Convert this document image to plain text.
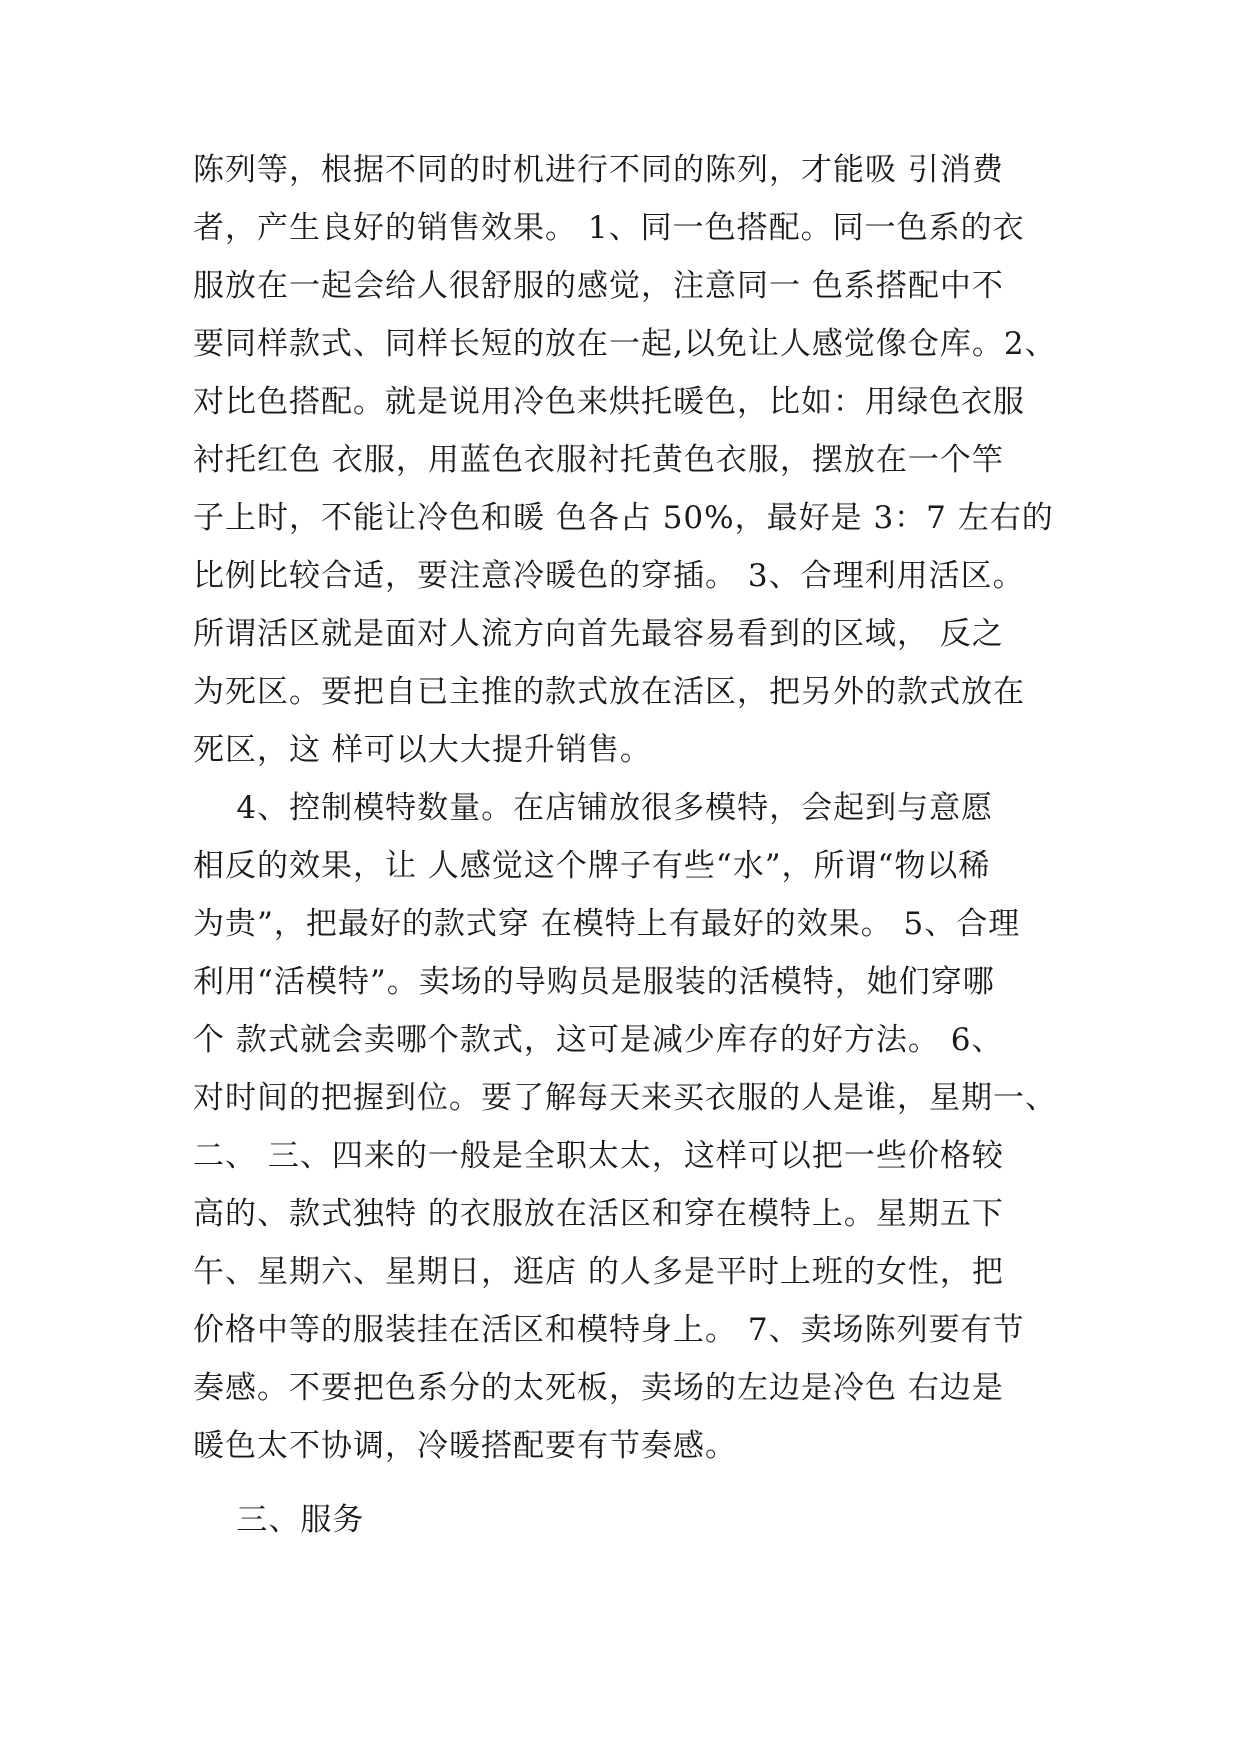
陈列等，根据不同的时机进行不同的陈列，才能吸 引消费
者，产生良好的销售效果。 1、同一色搭配。同一色系的衣
服放在一起会给人很舒服的感觉，注意同一 色系搭配中不
要同样款式、同样长短的放在一起,以免让人感觉像仓库。2、
对比色搭配。就是说用冷色来烘托暖色，比如：用绿色衣服
衬托红色 衣服，用蓝色衣服衬托黄色衣服，摆放在一个竿
子上时，不能让冷色和暖 色各占 50%，最好是 3：7 左右的
比例比较合适，要注意冷暖色的穿插。 3、合理利用活区。
所谓活区就是面对人流方向首先最容易看到的区域， 反之
为死区。要把自已主推的款式放在活区，把另外的款式放在
死区，这 样可以大大提升销售。
4、控制模特数量。在店铺放很多模特，会起到与意愿
相反的效果，让 人感觉这个牌子有些“水”，所谓“物以稀
为贵”，把最好的款式穿 在模特上有最好的效果。 5、合理
利用“活模特”。卖场的导购员是服装的活模特，她们穿哪
个 款式就会卖哪个款式，这可是减少库存的好方法。 6、
对时间的把握到位。要了解每天来买衣服的人是谁，星期一、
二、 三、四来的一般是全职太太，这样可以把一些价格较
高的、款式独特 的衣服放在活区和穿在模特上。星期五下
午、星期六、星期日，逛店 的人多是平时上班的女性，把
价格中等的服装挂在活区和模特身上。 7、卖场陈列要有节
奏感。不要把色系分的太死板，卖场的左边是冷色 右边是
暖色太不协调，冷暖搭配要有节奏感。
三、服务
